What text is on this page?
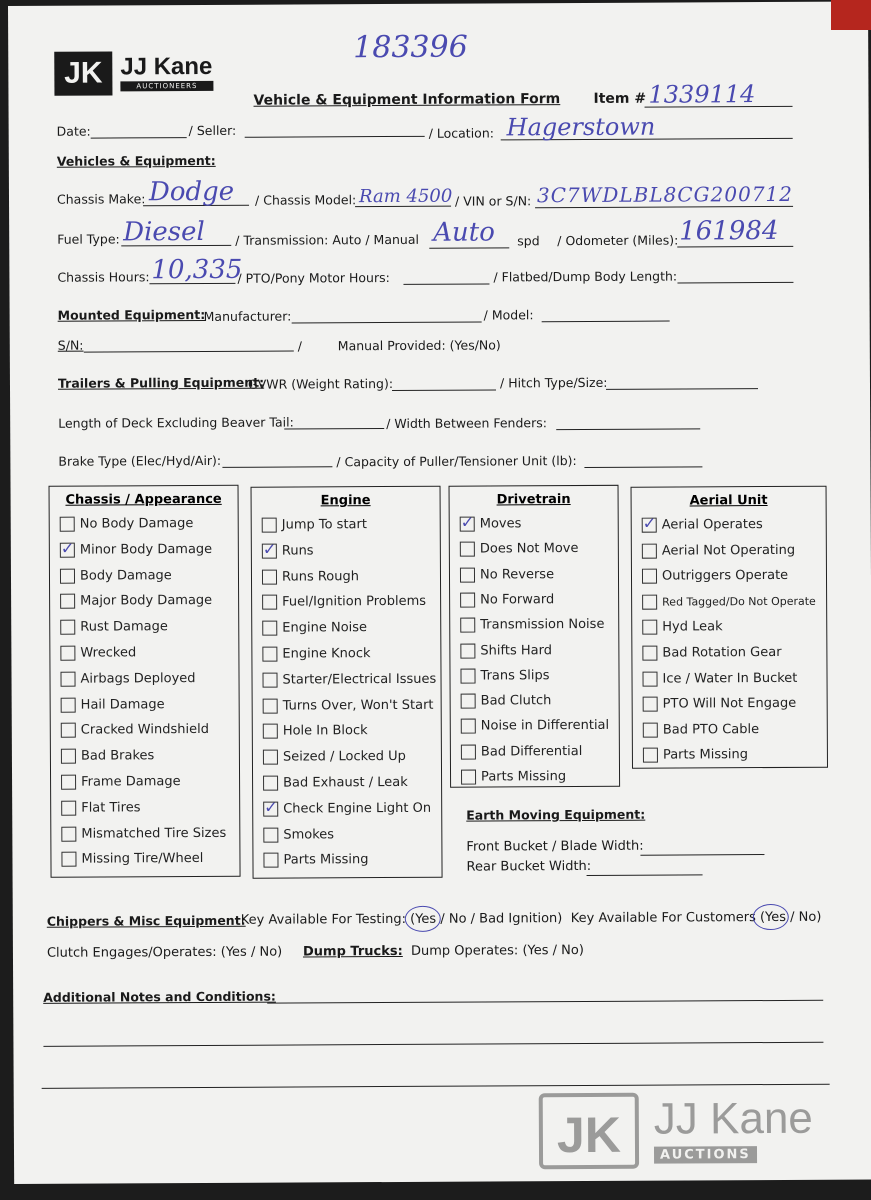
JK JJ Kane
AUCTIONEERS
183396
Vehicle & Equipment Information Form Item # 1339114
Date:	/ Seller:	/ Location: Hagerstown
Vehicles & Equipment:
Chassis Make: Dodge / Chassis Model: Ram 4500 / VIN or S/N: 3C7WDLBL8CG200712
Fuel Type: Diesel / Transmission: Auto / Manual Auto spd / Odometer (Miles): 161984
Chassis Hours: 10,335
/ PTO/Pony Motor Hours:	/ Flatbed/Dump Body Length:
Mounted Equipment:
Manufacturer:	/ Model:
S/N:	/	Manual Provided: (Yes/No)
Trailers & Pulling Equipment:
GVWR (Weight Rating):	/ Hitch Type/Size:
Length of Deck Excluding Beaver Tail:	/ Width Between Fenders:
Brake Type (Elec/Hyd/Air):	/ Capacity of Puller/Tensioner Unit (lb):
Chassis / Appearance
No Body Damage
✓
Minor Body Damage
Body Damage
Major Body Damage
Rust Damage
Wrecked
Airbags Deployed
Hail Damage
Cracked Windshield
Bad Brakes
Frame Damage
Flat Tires
Mismatched Tire Sizes
Missing Tire/Wheel
Engine
Jump To start
✓
Runs
Runs Rough
Fuel/Ignition Problems
Engine Noise
Engine Knock
Starter/Electrical Issues
Turns Over, Won't Start
Hole In Block
Seized / Locked Up
Bad Exhaust / Leak
✓
Check Engine Light On
Smokes
Parts Missing
Drivetrain
✓
Moves
Does Not Move
No Reverse
No Forward
Transmission Noise
Shifts Hard
Trans Slips
Bad Clutch
Noise in Differential
Bad Differential
Parts Missing
Aerial Unit
✓
Aerial Operates
Aerial Not Operating
Outriggers Operate
Red Tagged/Do Not Operate
Hyd Leak
Bad Rotation Gear
Ice / Water In Bucket
PTO Will Not Engage
Bad PTO Cable
Parts Missing
Earth Moving Equipment:
Front Bucket / Blade Width:
Rear Bucket Width:
Chippers & Misc Equipment:
Key Available For Testing: (Yes / No / Bad Ignition) Key Available For Customers (Yes / No)
Clutch Engages/Operates: (Yes / No) Dump Trucks: Dump Operates: (Yes / No)
Additional Notes and Conditions:
JK JJ Kane
AUCTIONS
